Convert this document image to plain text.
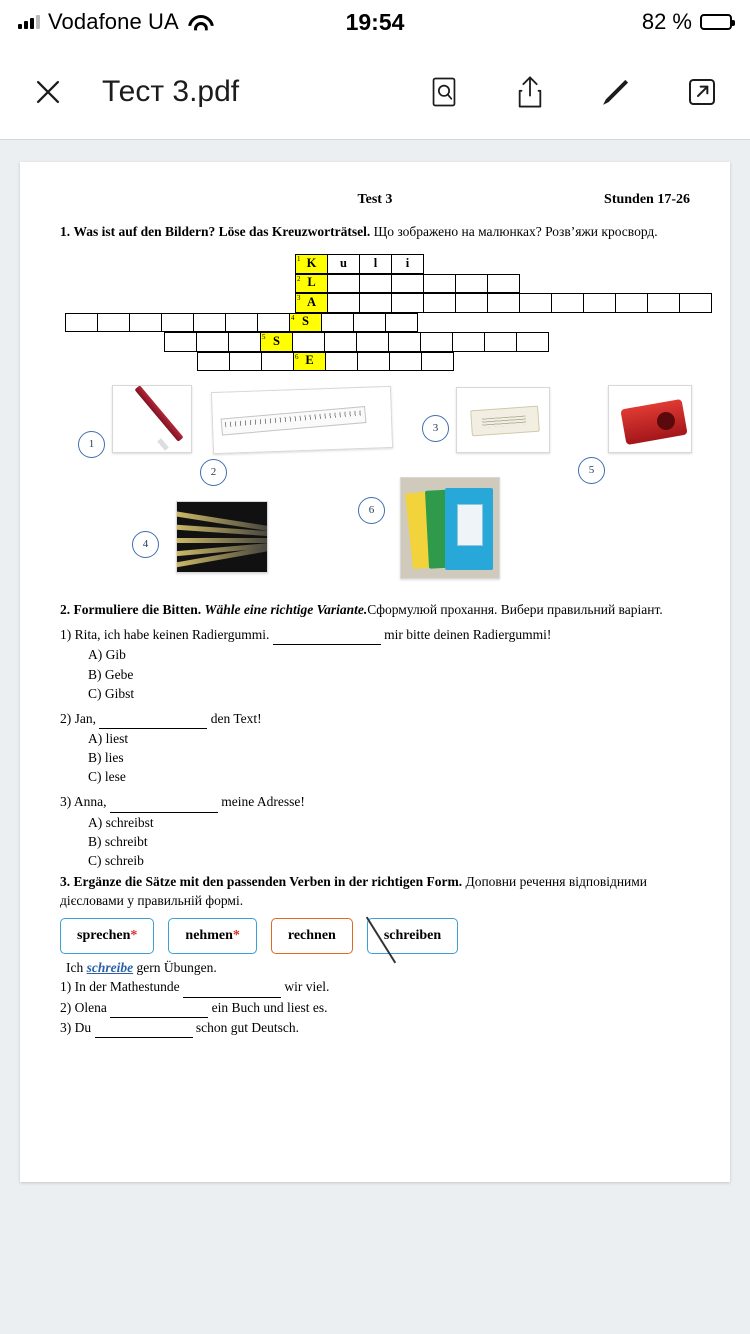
Vodafone UA	19:54	82 %
Тест 3.pdf
Test 3	Stunden 17-26
1. Was ist auf den Bildern? Löse das Kreuzworträtsel. Що зображено на малюнках? Розв’яжи кросворд.
1 K	u	l	i
2 L
3 A
4 S
5 S
6 E
1
2
3
5
4
6
2. Formuliere die Bitten. Wähle eine richtige Variante.Сформулюй прохання. Вибери правильний варіант.
1) Rita, ich habe keinen Radiergummi.	mir bitte deinen Radiergummi!
A) Gib
B) Gebe
C) Gibst
2) Jan,	den Text!
A) liest
B) lies
C) lese
3) Anna,	meine Adresse!
A) schreibst
B) schreibt
C) schreib
3. Ergänze die Sätze mit den passenden Verben in der richtigen Form. Доповни речення відповідними дієсловами у правильній формі.
sprechen*	nehmen*	rechnen	schreiben
Ich schreibe gern Übungen.
1) In der Mathestunde	wir viel.
2) Olena	ein Buch und liest es.
3) Du	schon gut Deutsch.
